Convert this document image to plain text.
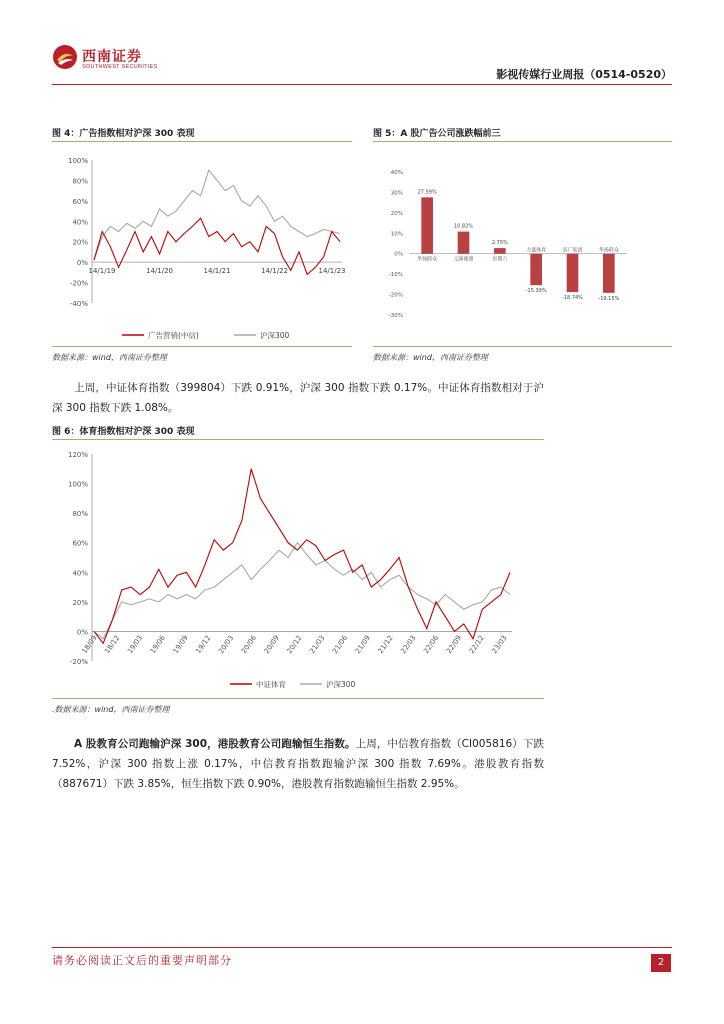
西南证券
SOUTHWEST SECURITIES
影视传媒行业周报（0514-0520）
图 4：广告指数相对沪深 300 表现
100%
80%
60%
40%
20%
0%
-20%
-40%
14/1/19	14/1/20	14/1/21	14/1/22	14/1/23
广告营销(中信)	沪深300
数据来源：wind，西南证券整理
图 5：A 股广告公司涨跌幅前三
40%
30%
20%
10%
0%
-10%
-20%
-30%
27.59%
华扬联众
10.82%
元隆雅图
2.75%
星期六
-15.39%
力盛体育
-18.74%
省广集团
-19.15%
华扬联众
数据来源：wind，西南证券整理
上周，中证体育指数（399804）下跌 0.91%，沪深 300 指数下跌 0.17%。中证体育指数相对于沪深 300 指数下跌 1.08%。
图 6：体育指数相对沪深 300 表现
120%
100%
80%
60%
40%
20%
0%
-20%
18/09 18/12 19/03 19/06 19/09 19/12 20/03 20/06 20/09 20/12 21/03 21/06 21/09 21/12 22/03 22/06 22/09 22/12 23/03
中证体育	沪深300
.数据来源：wind，西南证券整理
A 股教育公司跑输沪深 300，港股教育公司跑输恒生指数。上周，中信教育指数（CI005816）下跌 7.52%，沪深 300 指数上涨 0.17%，中信教育指数跑输沪深 300 指数 7.69%。港股教育指数（887671）下跌 3.85%，恒生指数下跌 0.90%，港股教育指数跑输恒生指数 2.95%。
请务必阅读正文后的重要声明部分	2
